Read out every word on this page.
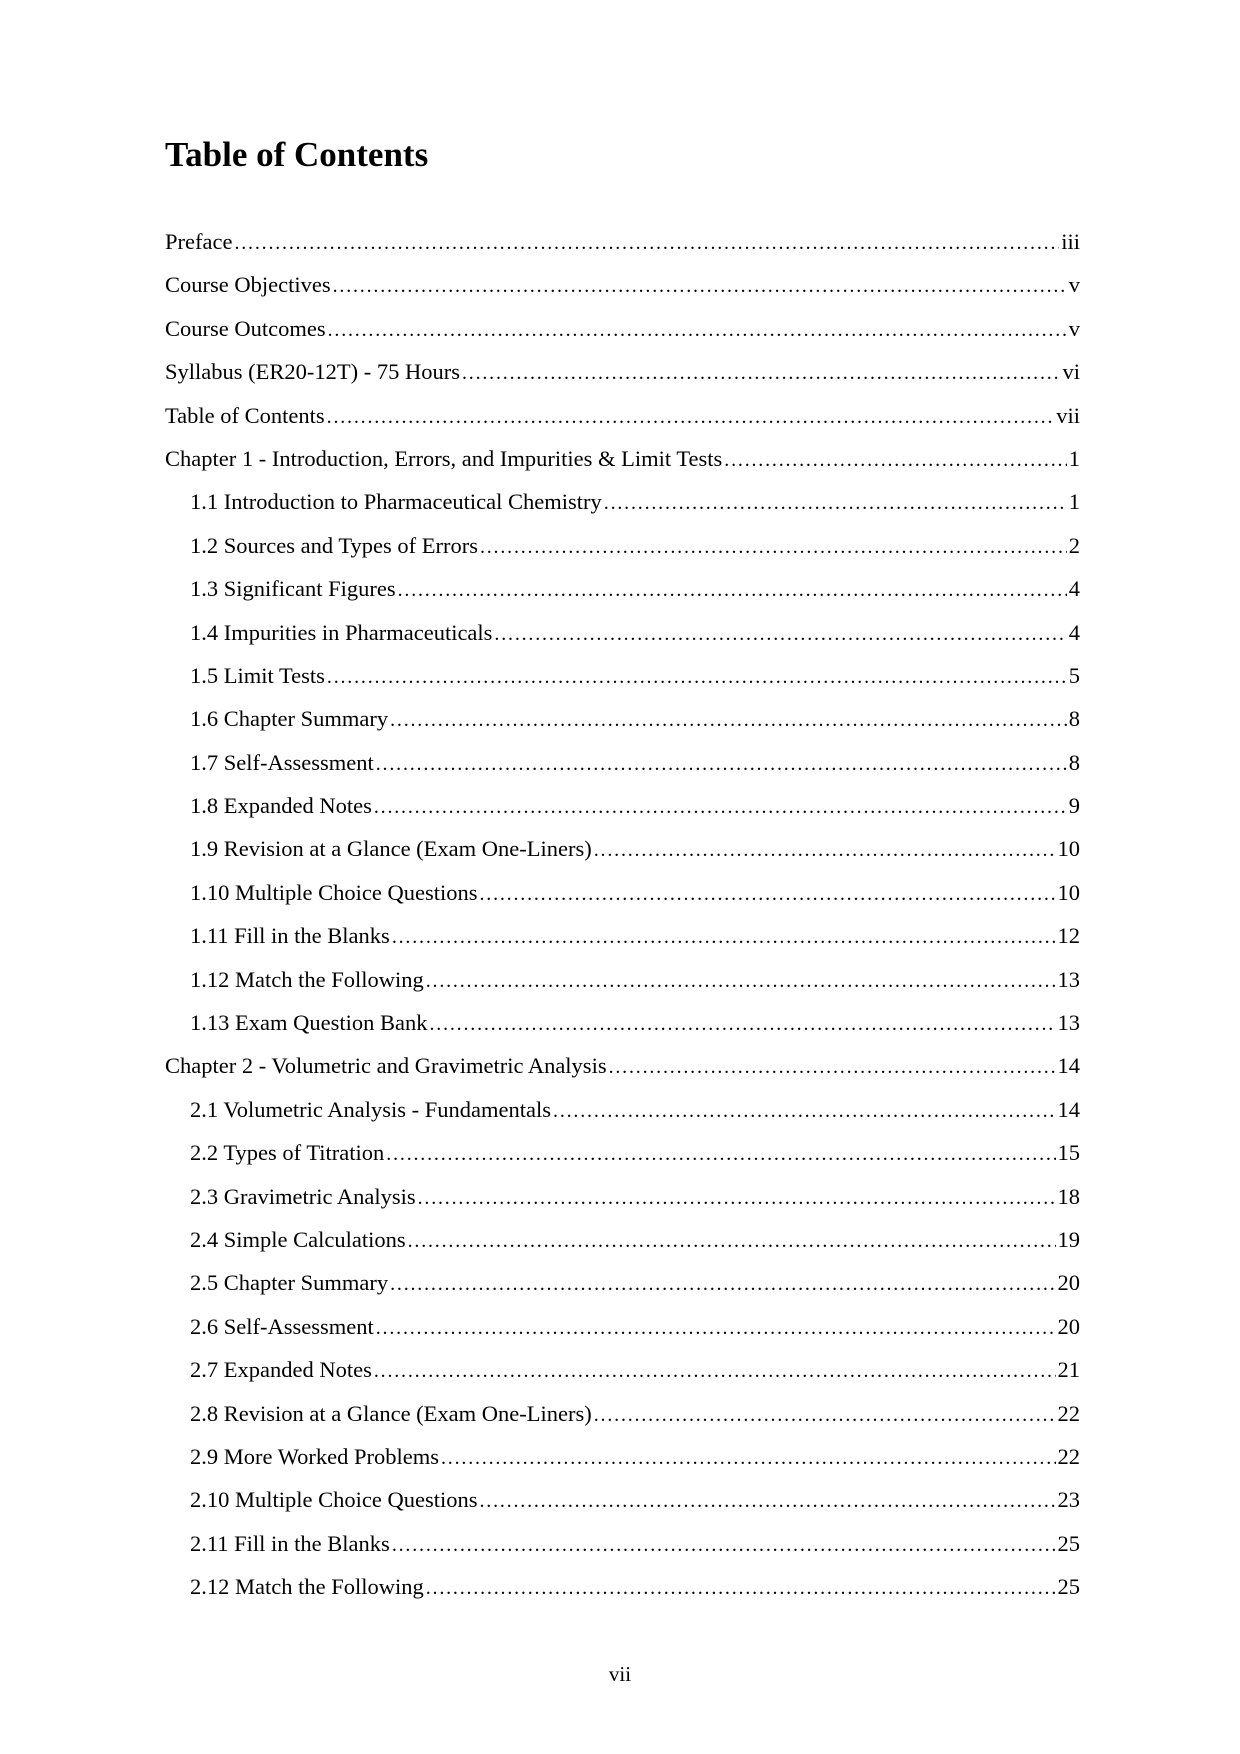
Table of Contents
Preface . . .	iii
Course Objectives . . .	v
Course Outcomes . . .	v
Syllabus (ER20-12T) - 75 Hours . . .	vi
Table of Contents . . .	vii
Chapter 1 - Introduction, Errors, and Impurities & Limit Tests . . .	1
1.1 Introduction to Pharmaceutical Chemistry . . .	1
1.2 Sources and Types of Errors . . .	2
1.3 Significant Figures . . .	4
1.4 Impurities in Pharmaceuticals . . .	4
1.5 Limit Tests . . .	5
1.6 Chapter Summary . . .	8
1.7 Self-Assessment . . .	8
1.8 Expanded Notes . . .	9
1.9 Revision at a Glance (Exam One-Liners) . . .	10
1.10 Multiple Choice Questions . . .	10
1.11 Fill in the Blanks . . .	12
1.12 Match the Following . . .	13
1.13 Exam Question Bank . . .	13
Chapter 2 - Volumetric and Gravimetric Analysis . . .	14
2.1 Volumetric Analysis - Fundamentals . . .	14
2.2 Types of Titration . . .	15
2.3 Gravimetric Analysis . . .	18
2.4 Simple Calculations . . .	19
2.5 Chapter Summary . . .	20
2.6 Self-Assessment . . .	20
2.7 Expanded Notes . . .	21
2.8 Revision at a Glance (Exam One-Liners) . . .	22
2.9 More Worked Problems . . .	22
2.10 Multiple Choice Questions . . .	23
2.11 Fill in the Blanks . . .	25
2.12 Match the Following . . .	25
vii
